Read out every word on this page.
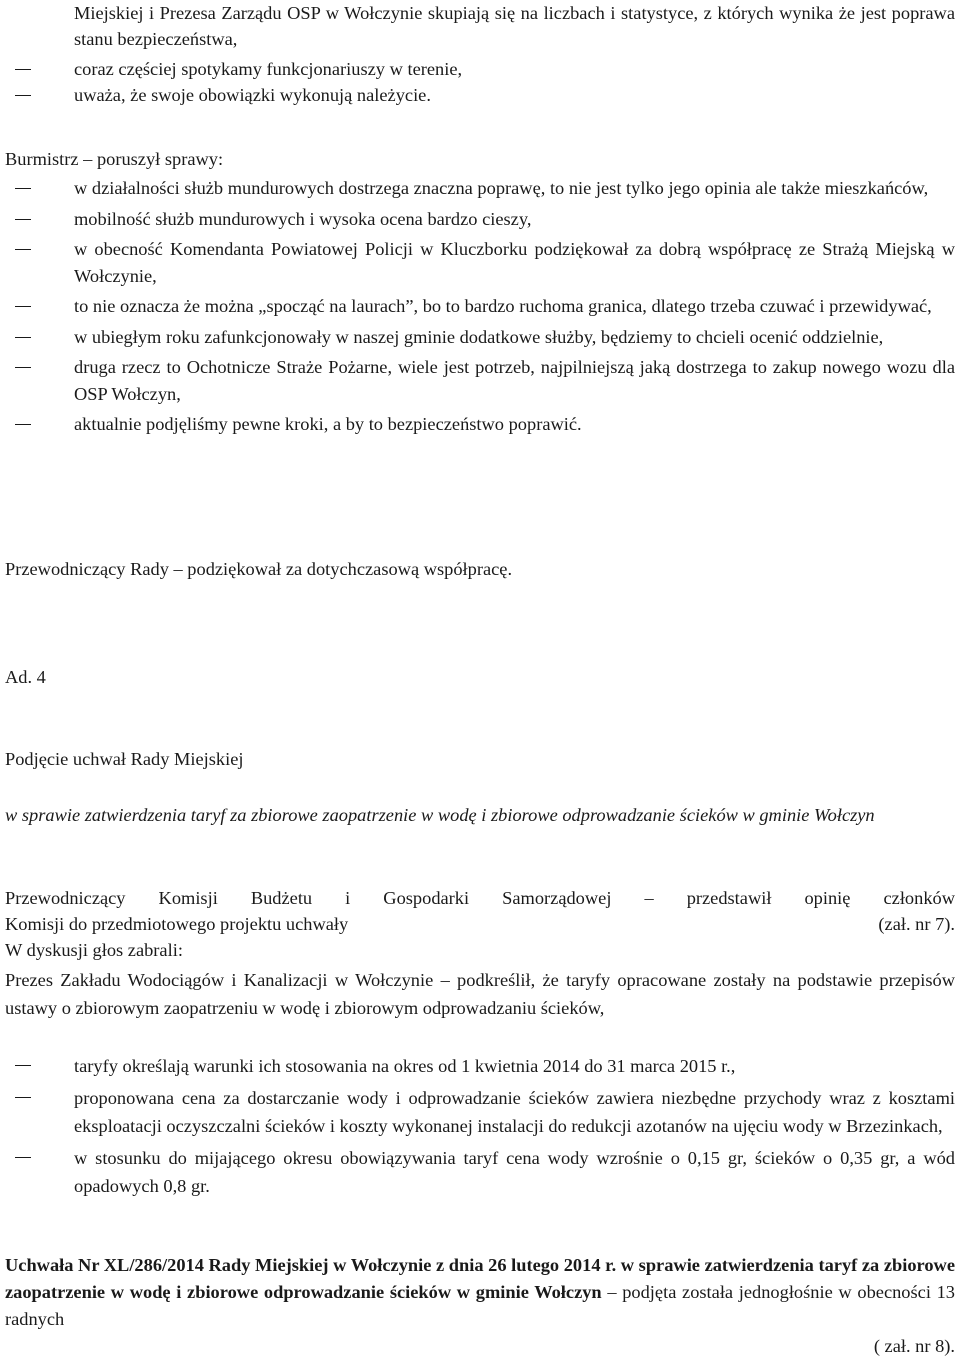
Miejskiej i Prezesa Zarządu OSP w Wołczynie skupiają się na liczbach i statystyce, z których wynika że jest poprawa stanu bezpieczeństwa,

coraz częściej spotykamy funkcjonariuszy w terenie,
uważa, że swoje obowiązki wykonują należycie.

Burmistrz – poruszył sprawy:

w działalności służb mundurowych dostrzega znaczna poprawę, to nie jest tylko jego opinia ale także mieszkańców,
mobilność służb mundurowych i wysoka ocena bardzo cieszy,
w obecność Komendanta Powiatowej Policji w Kluczborku podziękował za dobrą współpracę ze Strażą Miejską w Wołczynie,
to nie oznacza że można „spocząć na laurach”, bo to bardzo ruchoma granica, dlatego trzeba czuwać i przewidywać,
w ubiegłym roku zafunkcjonowały w naszej gminie dodatkowe służby, będziemy to chcieli ocenić oddzielnie,
druga rzecz to Ochotnicze Straże Pożarne, wiele jest potrzeb, najpilniejszą jaką dostrzega to zakup nowego wozu dla OSP Wołczyn,
aktualnie podjęliśmy pewne kroki, a by to bezpieczeństwo poprawić.

Przewodniczący Rady – podziękował za dotychczasową współpracę.

Ad. 4

Podjęcie uchwał Rady Miejskiej

w sprawie zatwierdzenia taryf za zbiorowe zaopatrzenie w wodę i zbiorowe odprowadzanie ścieków w gminie Wołczyn

Przewodniczący Komisji Budżetu i Gospodarki Samorządowej – przedstawił opinię członków

Komisji do przedmiotowego projektu uchwały	(zał. nr 7).

W dyskusji głos zabrali:

Prezes Zakładu Wodociągów i Kanalizacji w Wołczynie – podkreślił, że taryfy opracowane zostały na podstawie przepisów ustawy o zbiorowym zaopatrzeniu w wodę i zbiorowym odprowadzaniu ścieków,

taryfy określają warunki ich stosowania na okres od 1 kwietnia 2014 do 31 marca 2015 r.,
proponowana cena za dostarczanie wody i odprowadzanie ścieków zawiera niezbędne przychody wraz z kosztami eksploatacji oczyszczalni ścieków i koszty wykonanej instalacji do redukcji azotanów na ujęciu wody w Brzezinkach,
w stosunku do mijającego okresu obowiązywania taryf cena wody wzrośnie o 0,15 gr, ścieków o 0,35 gr, a wód opadowych 0,8 gr.

Uchwała Nr XL/286/2014 Rady Miejskiej w Wołczynie z dnia 26 lutego 2014 r. w sprawie zatwierdzenia taryf za zbiorowe zaopatrzenie w wodę i zbiorowe odprowadzanie ścieków w gminie Wołczyn – podjęta została jednogłośnie w obecności 13 radnych

( zał. nr 8).
